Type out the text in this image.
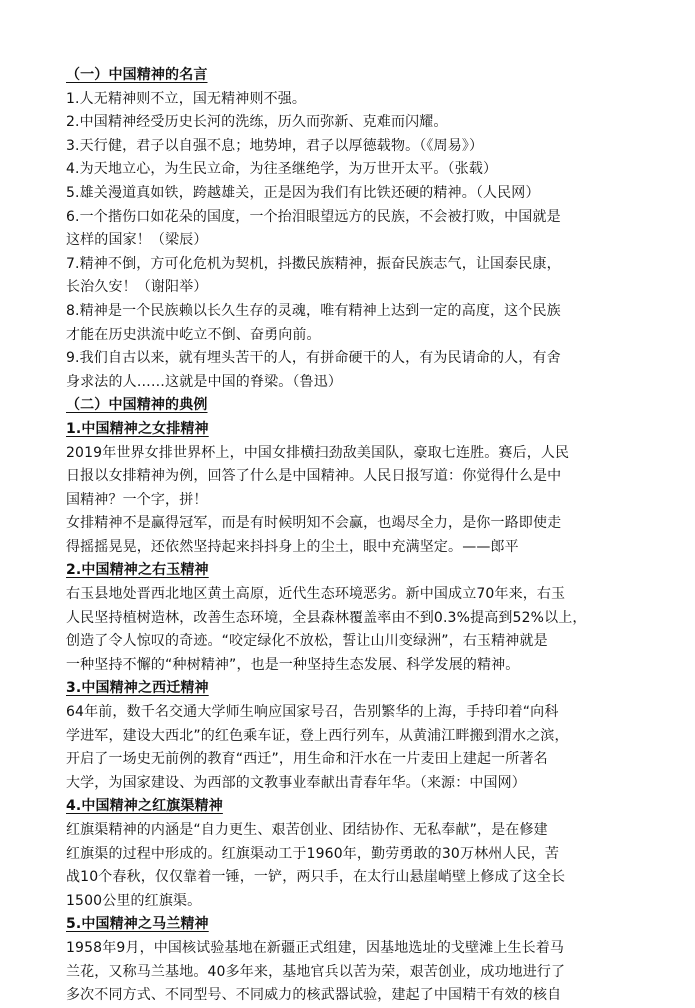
（一）中国精神的名言
1.人无精神则不立，国无精神则不强。
2.中国精神经受历史长河的洗练，历久而弥新、克难而闪耀。
3.天行健，君子以自强不息；地势坤，君子以厚德载物。（《周易》）
4.为天地立心，为生民立命，为往圣继绝学，为万世开太平。（张载）
5.雄关漫道真如铁，跨越雄关，正是因为我们有比铁还硬的精神。（人民网）
6.一个揩伤口如花朵的国度，一个抬泪眼望远方的民族，不会被打败，中国就是
这样的国家！（梁辰）
7.精神不倒，方可化危机为契机，抖擞民族精神，振奋民族志气，让国泰民康，
长治久安！（谢阳举）
8.精神是一个民族赖以长久生存的灵魂，唯有精神上达到一定的高度，这个民族
才能在历史洪流中屹立不倒、奋勇向前。
9.我们自古以来，就有埋头苦干的人，有拼命硬干的人，有为民请命的人，有舍
身求法的人……这就是中国的脊梁。（鲁迅）
（二）中国精神的典例
1.中国精神之女排精神
2019年世界女排世界杯上，中国女排横扫劲敌美国队，豪取七连胜。赛后，人民
日报以女排精神为例，回答了什么是中国精神。人民日报写道：你觉得什么是中
国精神？一个字，拼！
女排精神不是赢得冠军，而是有时候明知不会赢，也竭尽全力，是你一路即使走
得摇摇晃晃，还依然坚持起来抖抖身上的尘土，眼中充满坚定。——郎平
2.中国精神之右玉精神
右玉县地处晋西北地区黄土高原，近代生态环境恶劣。新中国成立70年来，右玉
人民坚持植树造林，改善生态环境，全县森林覆盖率由不到0.3%提高到52%以上，
创造了令人惊叹的奇迹。“咬定绿化不放松，誓让山川变绿洲”，右玉精神就是
一种坚持不懈的“种树精神”，也是一种坚持生态发展、科学发展的精神。
3.中国精神之西迁精神
64年前，数千名交通大学师生响应国家号召，告别繁华的上海，手持印着“向科
学进军，建设大西北”的红色乘车证，登上西行列车，从黄浦江畔搬到渭水之滨，
开启了一场史无前例的教育“西迁”，用生命和汗水在一片麦田上建起一所著名
大学，为国家建设、为西部的文教事业奉献出青春年华。（来源：中国网）
4.中国精神之红旗渠精神
红旗渠精神的内涵是“自力更生、艰苦创业、团结协作、无私奉献”，是在修建
红旗渠的过程中形成的。红旗渠动工于1960年，勤劳勇敢的30万林州人民，苦
战10个春秋，仅仅靠着一锤，一铲，两只手，在太行山悬崖峭壁上修成了这全长
1500公里的红旗渠。
5.中国精神之马兰精神
1958年9月，中国核试验基地在新疆正式组建，因基地选址的戈壁滩上生长着马
兰花，又称马兰基地。40多年来，基地官兵以苦为荣，艰苦创业，成功地进行了
多次不同方式、不同型号、不同威力的核武器试验，建起了中国精干有效的核自
